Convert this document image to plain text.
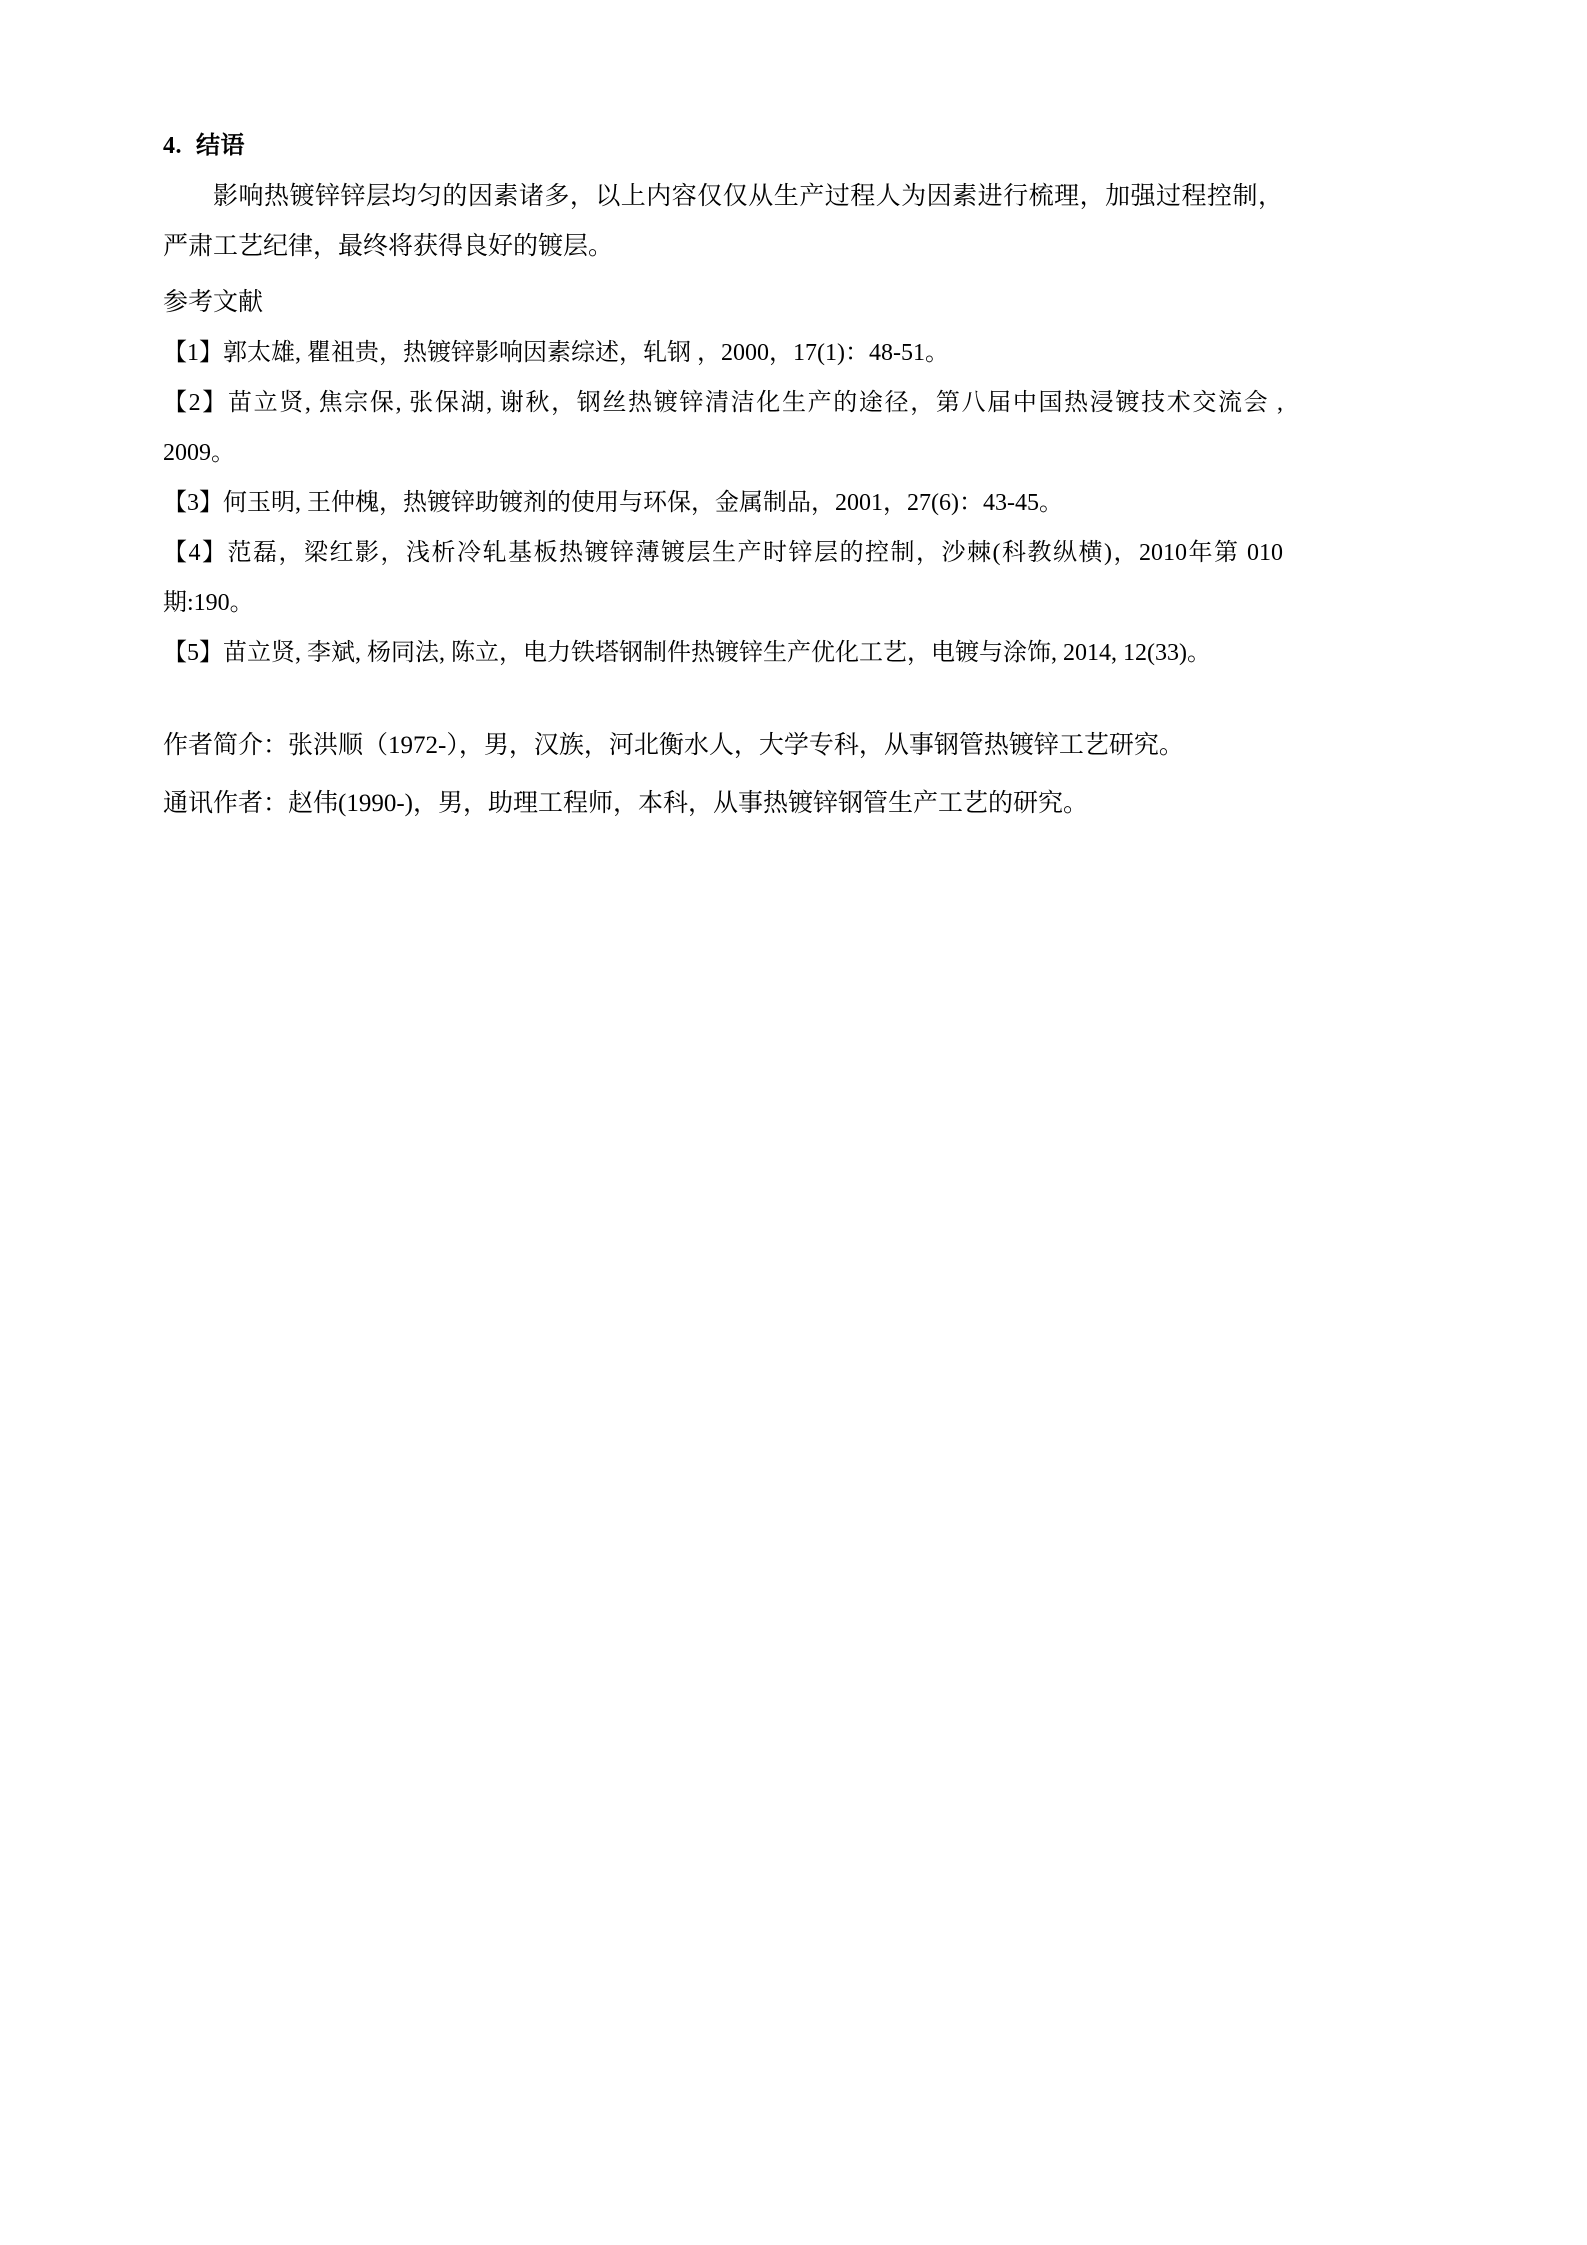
4. 结语

影响热镀锌锌层均匀的因素诸多，以上内容仅仅从生产过程人为因素进行梳理，加强过程控制，严肃工艺纪律，最终将获得良好的镀层。

参考文献

【1】郭太雄, 瞿祖贵，热镀锌影响因素综述，轧钢 ，2000，17(1)：48-51。

【2】苗立贤, 焦宗保, 张保湖, 谢秋，钢丝热镀锌清洁化生产的途径，第八届中国热浸镀技术交流会 , 2009。

【3】何玉明, 王仲槐，热镀锌助镀剂的使用与环保，金属制品，2001，27(6)：43-45。

【4】范磊，梁红影，浅析冷轧基板热镀锌薄镀层生产时锌层的控制，沙棘(科教纵横)，2010年第 010 期:190。

【5】苗立贤, 李斌, 杨同法, 陈立，电力铁塔钢制件热镀锌生产优化工艺，电镀与涂饰, 2014, 12(33)。

作者简介：张洪顺（1972-），男，汉族，河北衡水人，大学专科，从事钢管热镀锌工艺研究。

通讯作者：赵伟(1990-)，男，助理工程师，本科，从事热镀锌钢管生产工艺的研究。
